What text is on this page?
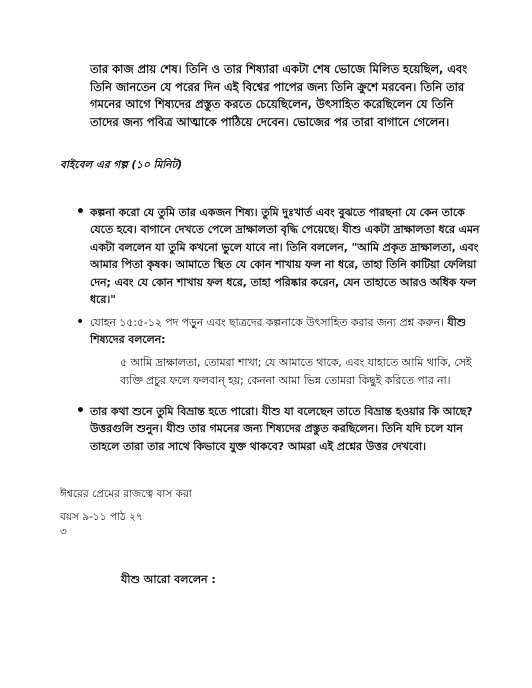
তার কাজ প্রায় শেষ। তিনি ও তার শিষ্যারা একটা শেষ ভোজে মিলিত হয়েছিল, এবং তিনি জানতেন যে পরের দিন এই বিশ্বের পাপের জন্য তিনি ক্রুশে মরবেন। তিনি তার গমনের আগে শিষ্যদের প্রস্তুত করতে চেয়েছিলেন, উৎসাহিত করেছিলেন যে তিনি তাদের জন্য পবিত্র আত্মাকে পাঠিয়ে দেবেন। ভোজের পর তারা বাগানে গেলেন।

বাইবেল এর গল্প (১০ মিনিট)

• কল্পনা করো যে তুমি তার একজন শিষ্য। তুমি দুঃখার্ত এবং বুঝতে পারছনা যে কেন তাকে যেতে হবে। বাগানে দেখতে পেলে দ্রাক্ষালতা বৃদ্ধি পেয়েছে। যীশু একটা দ্রাক্ষালতা ধরে এমন একটা বললেন যা তুমি কখনো ভুলে যাবে না। তিনি বললেন, "আমি প্রকৃত দ্রাক্ষালতা, এবং আমার পিতা কৃষক। আমাতে স্থিত যে কোন শাখায় ফল না ধরে, তাহা তিনি কাটিয়া ফেলিয়া দেন; এবং যে কোন শাখায় ফল ধরে, তাহা পরিষ্কার করেন, যেন তাহাতে আরও অধিক ফল ধরে।"
• যোহন ১৫:৫-১২ পদ পড়ুন এবং ছাত্রদের কল্পনাকে উৎসাহিত করার জন্য প্রশ্ন করুন। যীশু শিষ্যদের বললেন:
• তার কথা শুনে তুমি বিভ্রান্ত হতে পারো। যীশু যা বলেছেন তাতে বিভ্রান্ত হওয়ার কি আছে? উত্তরগুলি শুনুন। যীশু তার গমনের জন্য শিষ্যদের প্রস্তুত করছিলেন। তিনি যদি চলে যান তাহলে তারা তার সাথে কিভাবে যুক্ত থাকবে? আমরা এই প্রশ্নের উত্তর দেখবো।

৫ আমি দ্রাক্ষালতা, তোমরা শাখা; যে আমাতে থাকে, এবং যাহাতে আমি থাকি, সেই ব্যক্তি প্রচুর ফলে ফলবান্ হয়; কেননা আমা ভিন্ন তোমরা কিছুই করিতে পার না।

ঈশ্বরের প্রেমের রাজত্বে বাস করা

বয়স ৯-১১ পাঠ ২৭

৩

যীশু আরো বললেন :
